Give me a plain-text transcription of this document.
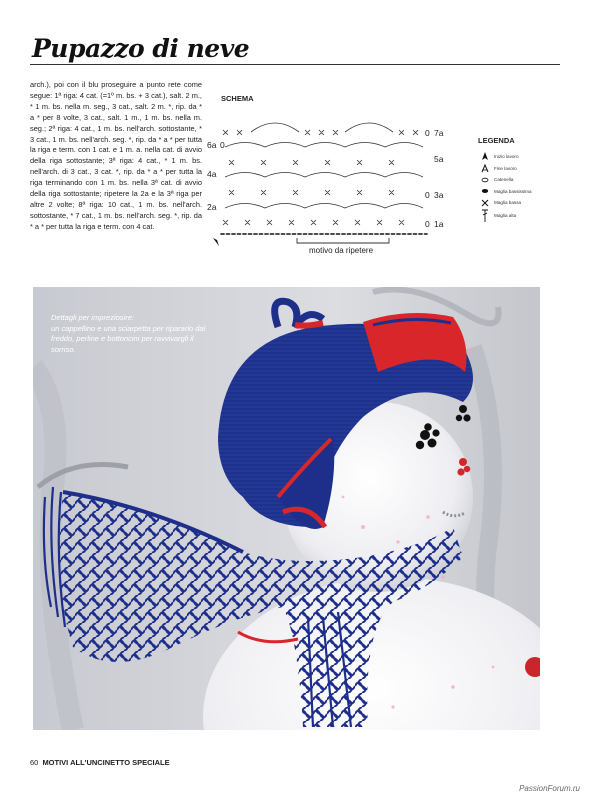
Pupazzo di neve
arch.), poi con il blu proseguire a punto rete come segue: 1ª riga: 4 cat. (=1º m. bs. + 3 cat.), salt. 2 m., * 1 m. bs. nella m. seg., 3 cat., salt. 2 m. *, rip. da * a * per 8 volte, 3 cat., salt. 1 m., 1 m. bs. nella m. seg.; 2ª riga: 4 cat., 1 m. bs. nell'arch. sottostante, * 3 cat., 1 m. bs. nell'arch. seg. *, rip. da * a * per tutta la riga e term. con 1 cat. e 1 m. a. nella cat. di avvio della riga sottostante; 3ª riga: 4 cat., * 1 m. bs. nell'arch. di 3 cat., 3 cat. *, rip. da * a * per tutta la riga terminando con 1 m. bs. nella 3ª cat. di avvio della riga sottostante; ripetere la 2a e la 3ª riga per altre 2 volte; 8ª riga: 10 cat., 1 m. bs. nell'arch. sottostante, * 7 cat., 1 m. bs. nell'arch. seg. *, rip. da * a * per tutta la riga e term. con 4 cat.
SCHEMA
6a
4a
2a
7a
5a
3a
1a
0
0
0
0
motivo da ripetere
LEGENDA
Inizio lavoro
Fine lavoro
Catenella
Maglia bassissima
Maglia bassa
Maglia alta
Dettagli per impreziosire:
un cappellino e una sciarpetta per ripararlo dal freddo, perline e bottoncini per ravvivargli il sorriso.
60 MOTIVI ALL'UNCINETTO SPECIALE
PassionForum.ru
